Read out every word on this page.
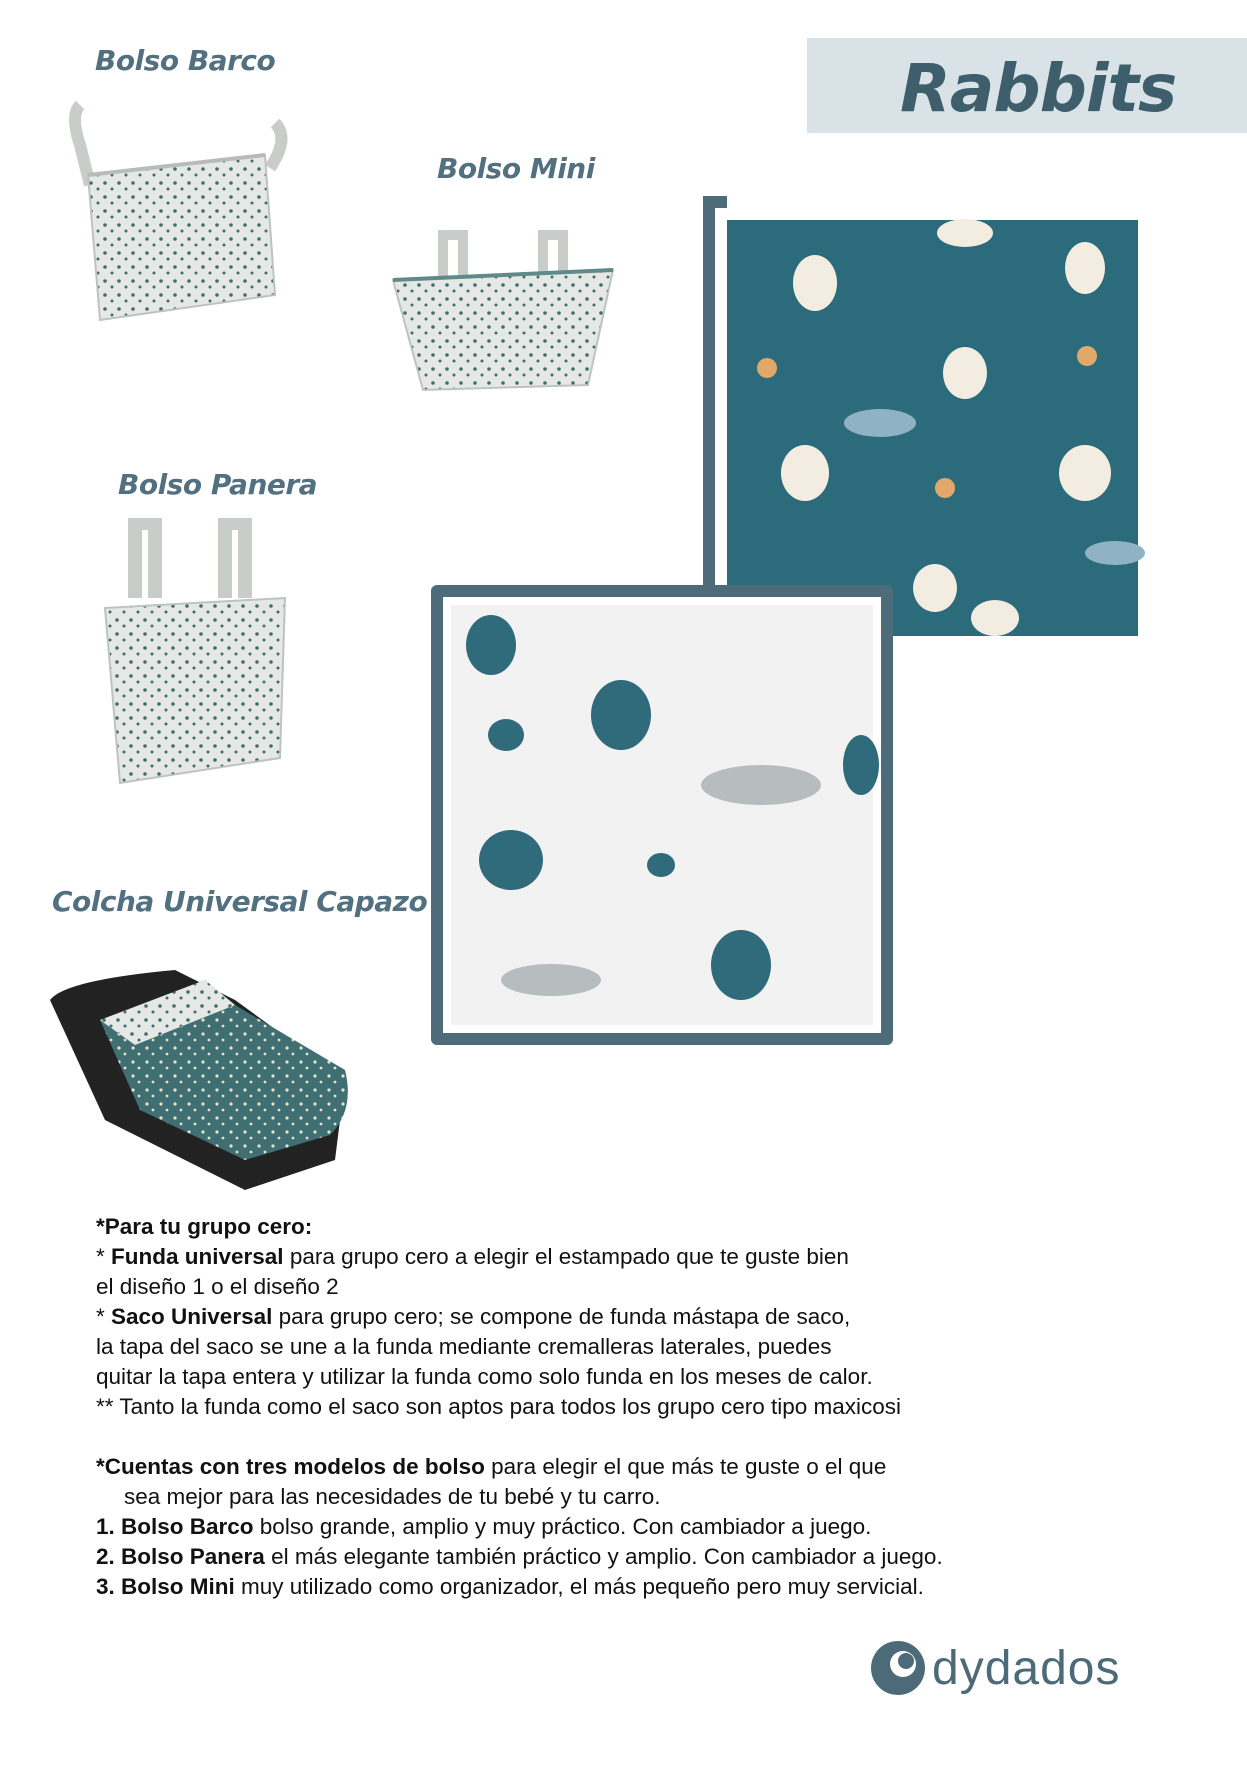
Bolso Barco
Bolso Mini
Bolso Panera
Colcha Universal Capazo
Rabbits

*Para tu grupo cero:

* Funda universal para grupo cero a elegir el estampado que te guste bien

el diseño 1 o el diseño 2

* Saco Universal para grupo cero; se compone de funda mástapa de saco,

la tapa del saco se une a la funda mediante cremalleras laterales, puedes

quitar la tapa entera y utilizar la funda como solo funda en los meses de calor.

** Tanto la funda como el saco son aptos para todos los grupo cero tipo maxicosi

*Cuentas con tres modelos de bolso para elegir el que más te guste o el que

sea mejor para las necesidades de tu bebé y tu carro.

1. Bolso Barco bolso grande, amplio y muy práctico. Con cambiador a juego.

2. Bolso Panera el más elegante también práctico y amplio. Con cambiador a juego.

3. Bolso Mini muy utilizado como organizador, el más pequeño pero muy servicial.

dydados
